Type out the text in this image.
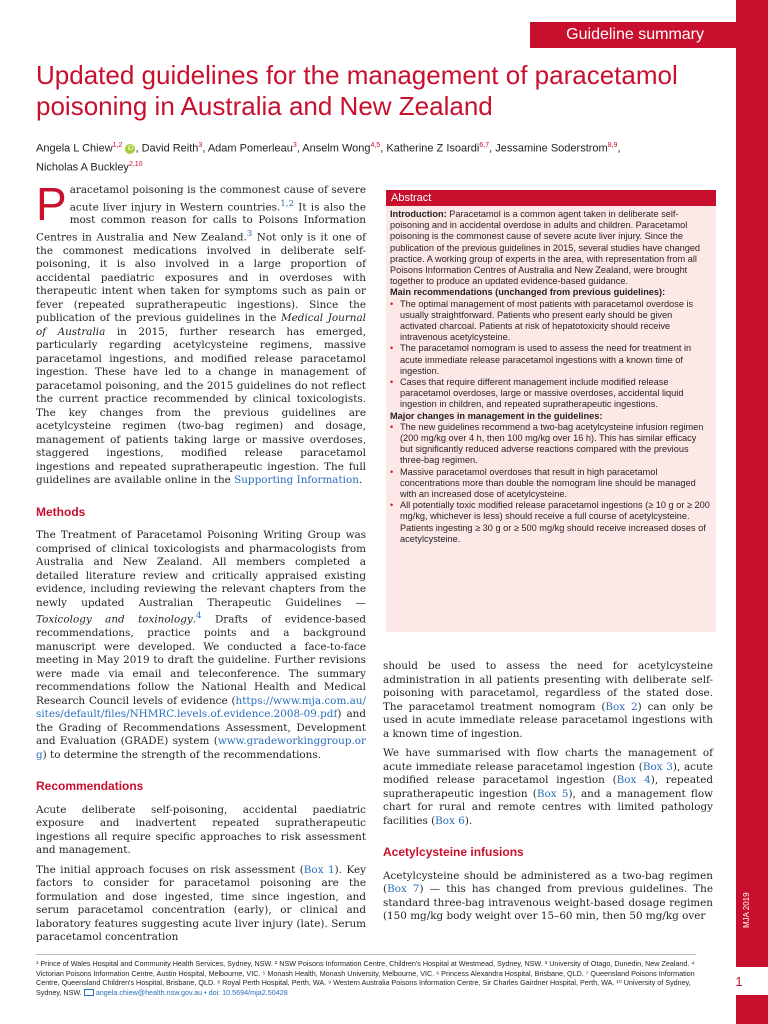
MJA 2019
1
Guideline summary
Updated guidelines for the management of paracetamol poisoning in Australia and New Zealand
Angela L Chiew$^{1,2}$ iD , David Reith$^3$, Adam Pomerleau$^3$, Anselm Wong$^{4,5}$, Katherine Z Isoardi$^{6,7}$, Jessamine Soderstrom$^{8,9}$,
Nicholas A Buckley$^{2,10}$

Paracetamol poisoning is the commonest cause of severe acute liver injury in Western countries.$^{1,2}$ It is also the most common reason for calls to Poisons Information Centres in Australia and New Zealand.$^3$ Not only is it one of the commonest medications involved in deliberate self-poisoning, it is also involved in a large proportion of accidental paediatric exposures and in overdoses with therapeutic intent when taken for symptoms such as pain or fever (repeated supratherapeutic ingestions). Since the publication of the previous guidelines in the Medical Journal of Australia in 2015, further research has emerged, particularly regarding acetylcysteine regimens, massive paracetamol ingestions, and modified release paracetamol ingestion. These have led to a change in management of paracetamol poisoning, and the 2015 guidelines do not reflect the current practice recommended by clinical toxicologists. The key changes from the previous guidelines are acetylcysteine regimen (two-bag regimen) and dosage, management of patients taking large or massive overdoses, staggered ingestions, modified release paracetamol ingestions and repeated supratherapeutic ingestion. The full guidelines are available online in the Supporting Information.

Methods

The Treatment of Paracetamol Poisoning Writing Group was comprised of clinical toxicologists and pharmacologists from Australia and New Zealand. All members completed a detailed literature review and critically appraised existing evidence, including reviewing the relevant chapters from the newly updated Australian Therapeutic Guidelines — Toxicology and toxinology.$^4$ Drafts of evidence-based recommendations, practice points and a background manuscript were developed. We conducted a face-to-face meeting in May 2019 to draft the guideline. Further revisions were made via email and teleconference. The summary recommendations follow the National Health and Medical Research Council levels of evidence (https://www.mja.com.au/sites/default/files/NHMRC.levels.of.evidence.2008-09.pdf) and the Grading of Recommendations Assessment, Development and Evaluation (GRADE) system (www.gradeworkinggroup.org) to determine the strength of the recommendations.

Recommendations

Acute deliberate self-poisoning, accidental paediatric exposure and inadvertent repeated supratherapeutic ingestions all require specific approaches to risk assessment and management.

The initial approach focuses on risk assessment (Box 1). Key factors to consider for paracetamol poisoning are the formulation and dose ingested, time since ingestion, and serum paracetamol concentration (early), or clinical and laboratory features suggesting acute liver injury (late). Serum paracetamol concentration

Abstract

Introduction: Paracetamol is a common agent taken in deliberate self-poisoning and in accidental overdose in adults and children. Paracetamol poisoning is the commonest cause of severe acute liver injury. Since the publication of the previous guidelines in 2015, several studies have changed practice. A working group of experts in the area, with representation from all Poisons Information Centres of Australia and New Zealand, were brought together to produce an updated evidence-based guidance.

Main recommendations (unchanged from previous guidelines):

• The optimal management of most patients with paracetamol overdose is usually straightforward. Patients who present early should be given activated charcoal. Patients at risk of hepatotoxicity should receive intravenous acetylcysteine.
• The paracetamol nomogram is used to assess the need for treatment in acute immediate release paracetamol ingestions with a known time of ingestion.
• Cases that require different management include modified release paracetamol overdoses, large or massive overdoses, accidental liquid ingestion in children, and repeated supratherapeutic ingestions.

Major changes in management in the guidelines:

• The new guidelines recommend a two-bag acetylcysteine infusion regimen (200 mg/kg over 4 h, then 100 mg/kg over 16 h). This has similar efficacy but significantly reduced adverse reactions compared with the previous three-bag regimen.
• Massive paracetamol overdoses that result in high paracetamol concentrations more than double the nomogram line should be managed with an increased dose of acetylcysteine.
• All potentially toxic modified release paracetamol ingestions (≥ 10 g or ≥ 200 mg/kg, whichever is less) should receive a full course of acetylcysteine. Patients ingesting ≥ 30 g or ≥ 500 mg/kg should receive increased doses of acetylcysteine.

should be used to assess the need for acetylcysteine administration in all patients presenting with deliberate self-poisoning with paracetamol, regardless of the stated dose. The paracetamol treatment nomogram (Box 2) can only be used in acute immediate release paracetamol ingestions with a known time of ingestion.

We have summarised with flow charts the management of acute immediate release paracetamol ingestion (Box 3), acute modified release paracetamol ingestion (Box 4), repeated supratherapeutic ingestion (Box 5), and a management flow chart for rural and remote centres with limited pathology facilities (Box 6).

Acetylcysteine infusions

Acetylcysteine should be administered as a two-bag regimen (Box 7) — this has changed from previous guidelines. The standard three-bag intravenous weight-based dosage regimen (150 mg/kg body weight over 15–60 min, then 50 mg/kg over

¹ Prince of Wales Hospital and Community Health Services, Sydney, NSW. ² NSW Poisons Information Centre, Children's Hospital at Westmead, Sydney, NSW. ³ University of Otago, Dunedin, New Zealand. ⁴ Victorian Poisons Information Centre, Austin Hospital, Melbourne, VIC. ⁵ Monash Health, Monash University, Melbourne, VIC. ⁶ Princess Alexandra Hospital, Brisbane, QLD. ⁷ Queensland Poisons Information Centre, Queensland Children's Hospital, Brisbane, QLD. ⁸ Royal Perth Hospital, Perth, WA. ⁹ Western Australia Poisons Information Centre, Sir Charles Gairdner Hospital, Perth, WA. ¹⁰ University of Sydney, Sydney, NSW. angela.chiew@health.nsw.gov.au • doi: 10.5694/mja2.50428
